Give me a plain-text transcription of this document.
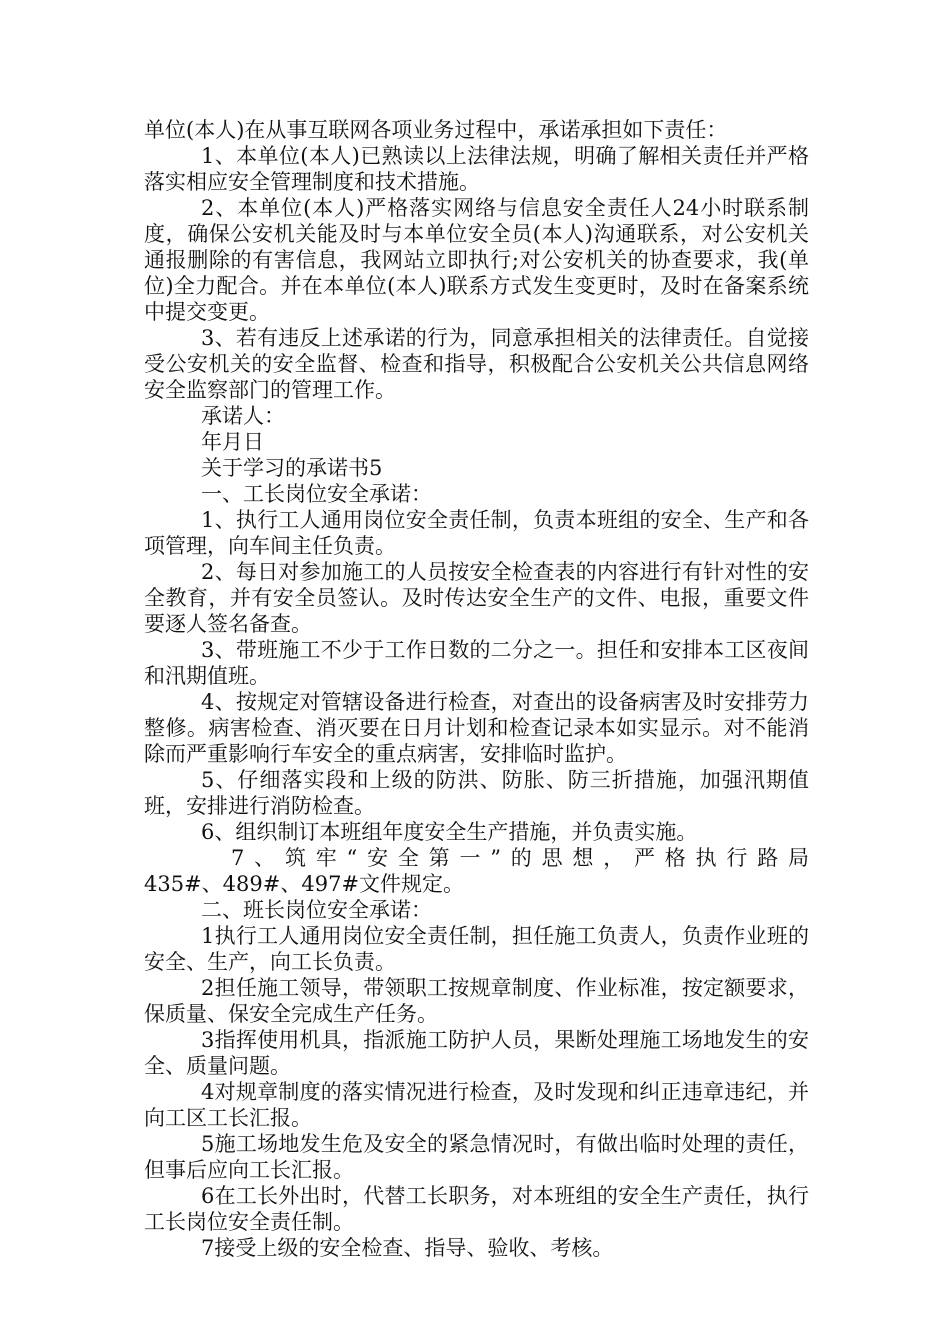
单位(本人)在从事互联网各项业务过程中，承诺承担如下责任：

1、本单位(本人)已熟读以上法律法规，明确了解相关责任并严格落实相应安全管理制度和技术措施。

2、本单位(本人)严格落实网络与信息安全责任人24小时联系制度，确保公安机关能及时与本单位安全员(本人)沟通联系，对公安机关通报删除的有害信息，我网站立即执行;对公安机关的协查要求，我(单位)全力配合。并在本单位(本人)联系方式发生变更时，及时在备案系统中提交变更。

3、若有违反上述承诺的行为，同意承担相关的法律责任。自觉接受公安机关的安全监督、检查和指导，积极配合公安机关公共信息网络安全监察部门的管理工作。

承诺人：

年月日

关于学习的承诺书5

一、工长岗位安全承诺：

1、执行工人通用岗位安全责任制，负责本班组的安全、生产和各项管理，向车间主任负责。

2、每日对参加施工的人员按安全检查表的内容进行有针对性的安全教育，并有安全员签认。及时传达安全生产的文件、电报，重要文件要逐人签名备查。

3、带班施工不少于工作日数的二分之一。担任和安排本工区夜间和汛期值班。

4、按规定对管辖设备进行检查，对查出的设备病害及时安排劳力整修。病害检查、消灭要在日月计划和检查记录本如实显示。对不能消除而严重影响行车安全的重点病害，安排临时监护。

5、仔细落实段和上级的防洪、防胀、防三折措施，加强汛期值班，安排进行消防检查。

6、组织制订本班组年度安全生产措施，并负责实施。

7、筑牢“安全第一”的思想，严格执行路局
435#、489#、497#文件规定。

二、班长岗位安全承诺：

1执行工人通用岗位安全责任制，担任施工负责人，负责作业班的安全、生产，向工长负责。

2担任施工领导，带领职工按规章制度、作业标准，按定额要求，保质量、保安全完成生产任务。

3指挥使用机具，指派施工防护人员，果断处理施工场地发生的安全、质量问题。

4对规章制度的落实情况进行检查，及时发现和纠正违章违纪，并向工区工长汇报。

5施工场地发生危及安全的紧急情况时，有做出临时处理的责任，但事后应向工长汇报。

6在工长外出时，代替工长职务，对本班组的安全生产责任，执行工长岗位安全责任制。

7接受上级的安全检查、指导、验收、考核。
